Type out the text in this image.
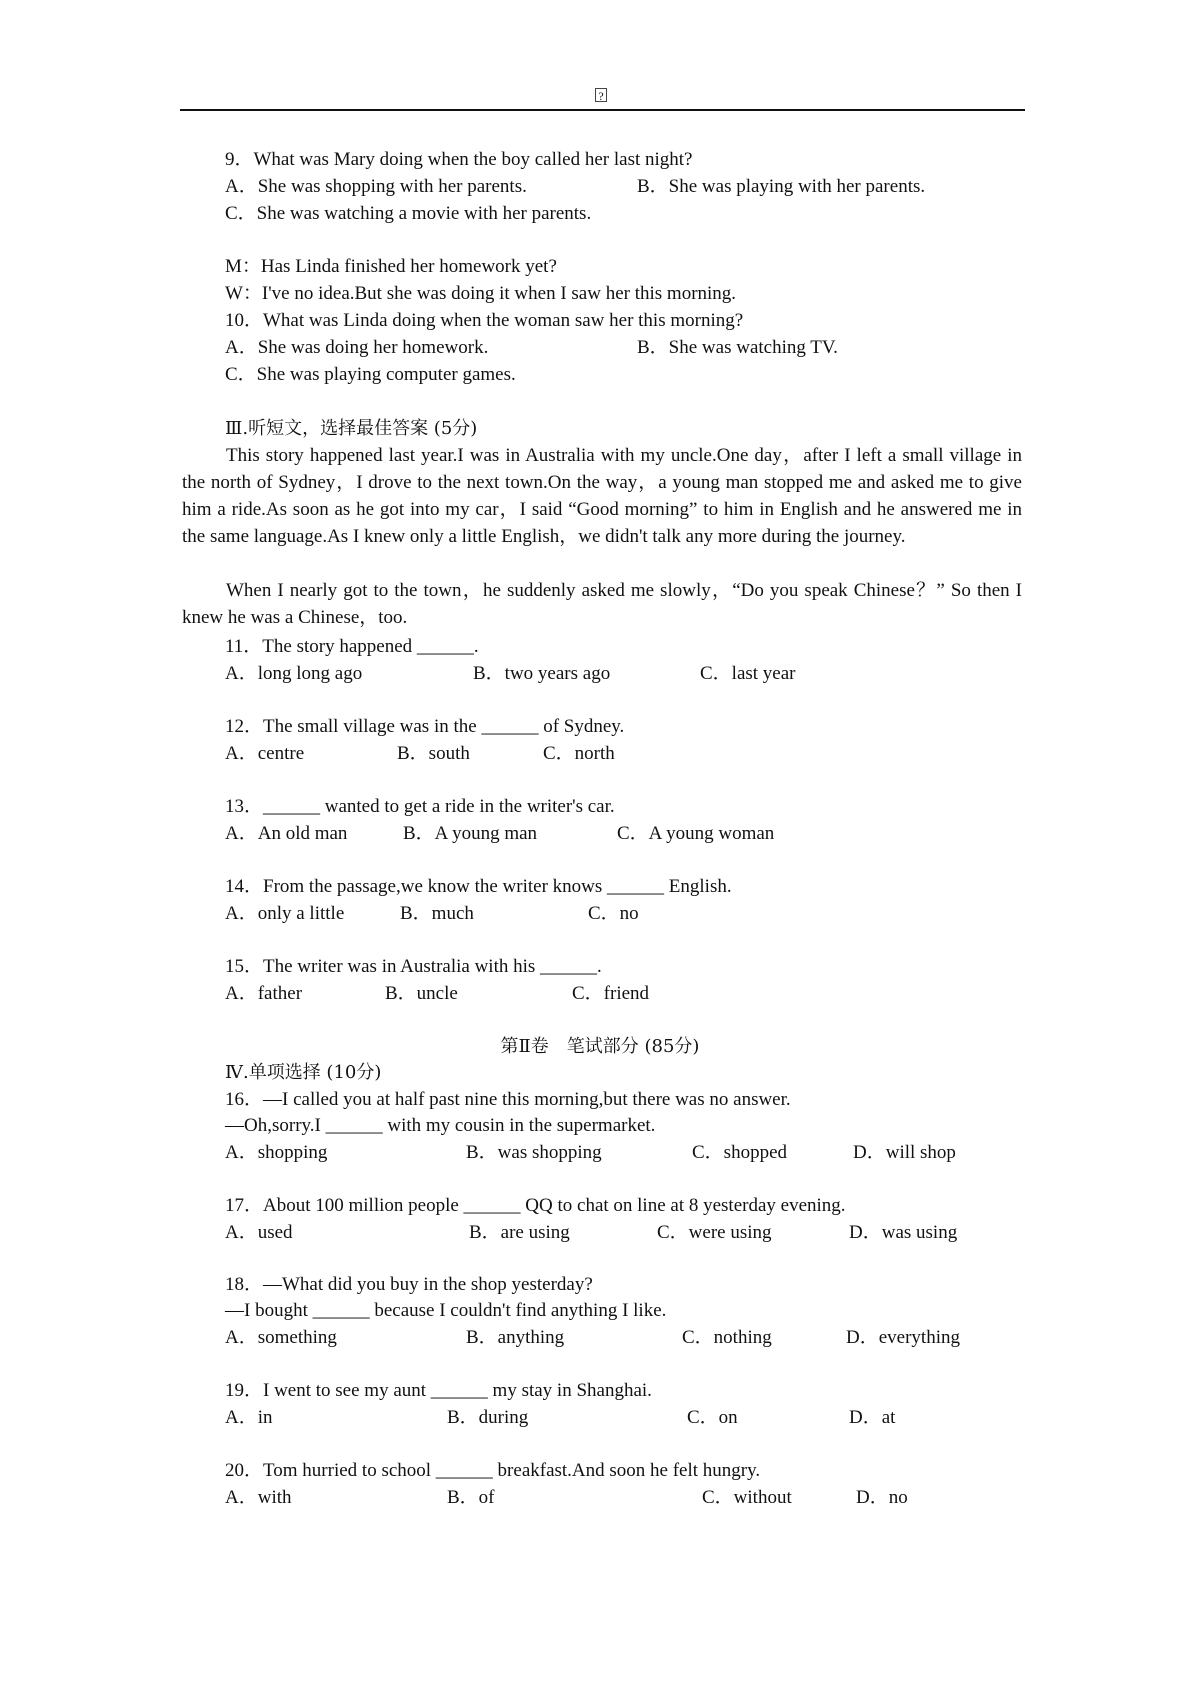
?
9．What was Mary doing when the boy called her last night?
A．She was shopping with her parents.	B．She was playing with her parents.
C．She was watching a movie with her parents.
M：Has Linda finished her homework yet?
W：I've no idea.But she was doing it when I saw her this morning.
10．What was Linda doing when the woman saw her this morning?
A．She was doing her homework.	B．She was watching TV.
C．She was playing computer games.
Ⅲ.听短文，选择最佳答案 (5分)

This story happened last year.I was in Australia with my uncle.One day，after I left a small village in the north of Sydney，I drove to the next town.On the way，a young man stopped me and asked me to give him a ride.As soon as he got into my car，I said “Good morning” to him in English and he answered me in the same language.As I knew only a little English，we didn't talk any more during the journey.

When I nearly got to the town，he suddenly asked me slowly，“Do you speak Chinese？” So then I knew he was a Chinese，too.

11．The story happened ______.
A．long long ago	B．two years ago	C．last year
12．The small village was in the ______ of Sydney.
A．centre	B．south	C．north
13．______ wanted to get a ride in the writer's car.
A．An old man	B．A young man	C．A young woman
14．From the passage,we know the writer knows ______ English.
A．only a little	B．much	C．no
15．The writer was in Australia with his ______.
A．father	B．uncle	C．friend
第Ⅱ卷　笔试部分 (85分)
Ⅳ.单项选择 (10分)
16．—I called you at half past nine this morning,but there was no answer.
—Oh,sorry.I ______ with my cousin in the supermarket.
A．shopping	B．was shopping	C．shopped	D．will shop
17．About 100 million people ______ QQ to chat on line at 8 yesterday evening.
B．are using
A．used	C．were using	D．was using
18．—What did you buy in the shop yesterday?
—I bought ______ because I couldn't find anything I like.
A．something	B．anything	C．nothing	D．everything
19．I went to see my aunt ______ my stay in Shanghai.
A．in	B．during	C．on	D．at
20．Tom hurried to school ______ breakfast.And soon he felt hungry.
A．with	B．of	C．without	D．no
